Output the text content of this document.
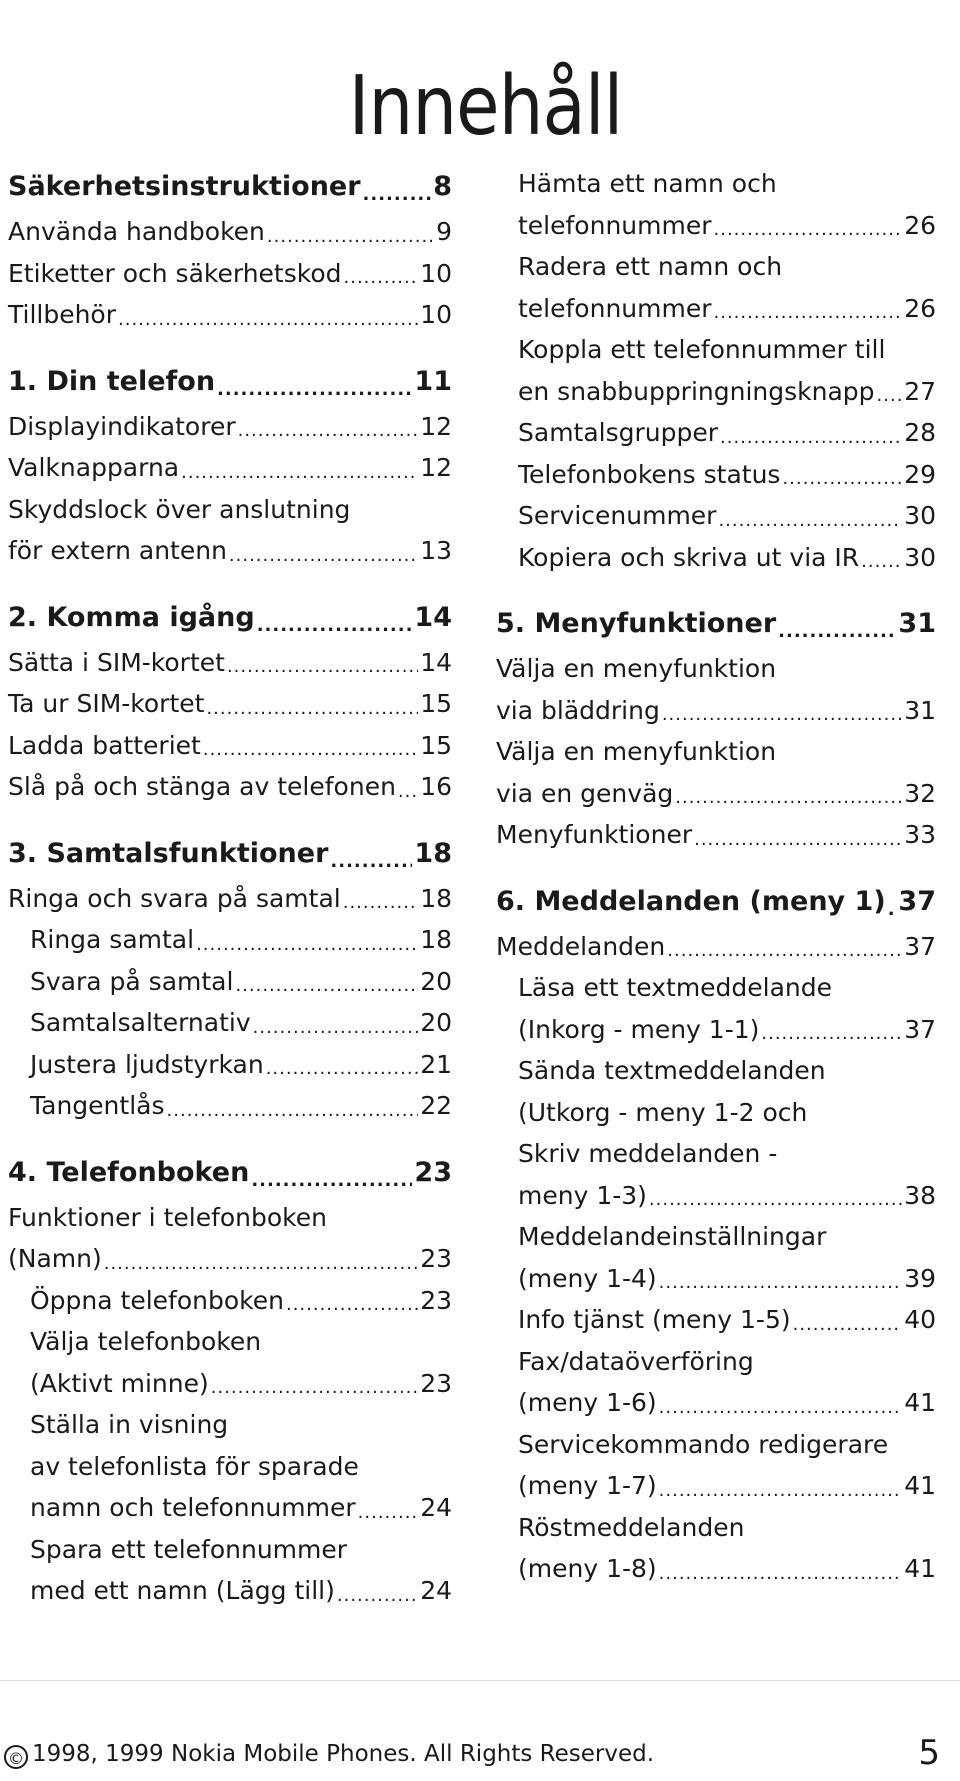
Innehåll
Säkerhetsinstruktioner .....	8
Använda handboken .....	9
Etiketter och säkerhetskod .....	10
Tillbehör .....	10
1. Din telefon .....	11
Displayindikatorer .....	12
Valknapparna .....	12
Skyddslock över anslutning
för extern antenn .....	13
2. Komma igång .....	14
Sätta i SIM-kortet .....	14
Ta ur SIM-kortet .....	15
Ladda batteriet .....	15
Slå på och stänga av telefonen ..... 16
3. Samtalsfunktioner .....	18
Ringa och svara på samtal .....	18
Ringa samtal .....	18
Svara på samtal .....	20
Samtalsalternativ .....	20
Justera ljudstyrkan .....	21
Tangentlås .....	22
4. Telefonboken .....	23
Funktioner i telefonboken
(Namn) .....	23
Öppna telefonboken .....	23
Välja telefonboken
(Aktivt minne) .....	23
Ställa in visning
av telefonlista för sparade
namn och telefonnummer .....	24
Spara ett telefonnummer
med ett namn (Lägg till) .....	24
Hämta ett namn och
telefonnummer .....	26
Radera ett namn och
telefonnummer .....	26
Koppla ett telefonnummer till
en snabbuppringningsknapp ..... 27
Samtalsgrupper .....	28
Telefonbokens status .....	29
Servicenummer .....	30
Kopiera och skriva ut via IR ..... 30
5. Menyfunktioner .....	31
Välja en menyfunktion
via bläddring .....	31
Välja en menyfunktion
via en genväg .....	32
Menyfunktioner .....	33
6. Meddelanden (meny 1) ..... 37
Meddelanden .....	37
Läsa ett textmeddelande
(Inkorg - meny 1-1) .....	37
Sända textmeddelanden
(Utkorg - meny 1-2 och
Skriv meddelanden -
meny 1-3) .....	38
Meddelandeinställningar
(meny 1-4) .....	39
Info tjänst (meny 1-5) .....	40
Fax/dataöverföring
(meny 1-6) .....	41
Servicekommando redigerare
(meny 1-7) .....	41
Röstmeddelanden
(meny 1-8) .....	41
© 1998, 1999 Nokia Mobile Phones. All Rights Reserved.	5
